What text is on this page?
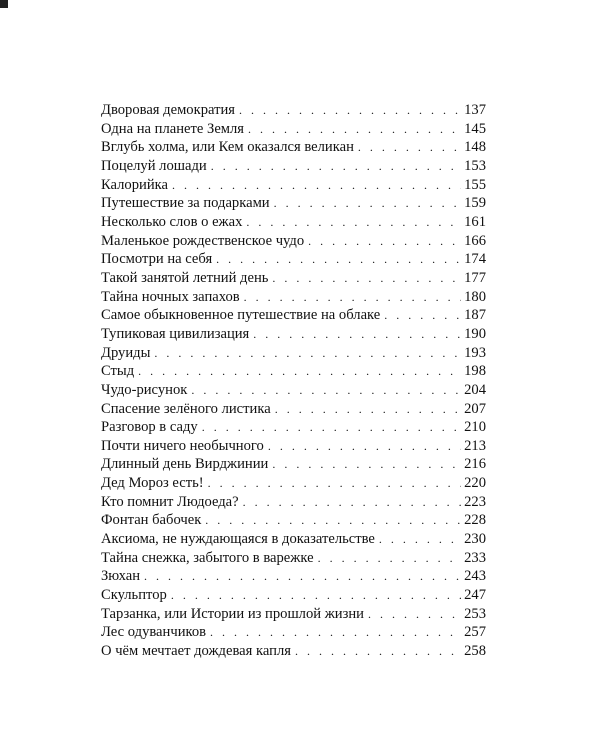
Дворовая демократия . . .	137
Одна на планете Земля . . .	145
Вглубь холма, или Кем оказался великан . . .	148
Поцелуй лошади . . .	153
Калорийка . . .	155
Путешествие за подарками . . .	159
Несколько слов о ежах . . .	161
Маленькое рождественское чудо . . .	166
Посмотри на себя . . .	174
Такой занятой летний день . . .	177
Тайна ночных запахов . . .	180
Самое обыкновенное путешествие на облаке . . .	187
Тупиковая цивилизация . . .	190
Друиды . . .	193
Стыд . . .	198
Чудо-рисунок . . .	204
Спасение зелёного листика . . .	207
Разговор в саду . . .	210
Почти ничего необычного . . .	213
Длинный день Вирджинии . . .	216
Дед Мороз есть! . . .	220
Кто помнит Людоеда? . . .	223
Фонтан бабочек . . .	228
Аксиома, не нуждающаяся в доказательстве . . .	230
Тайна снежка, забытого в варежке . . .	233
Зюхан . . .	243
Скульптор . . .	247
Тарзанка, или Истории из прошлой жизни . . .	253
Лес одуванчиков . . .	257
О чём мечтает дождевая капля . . .	258
